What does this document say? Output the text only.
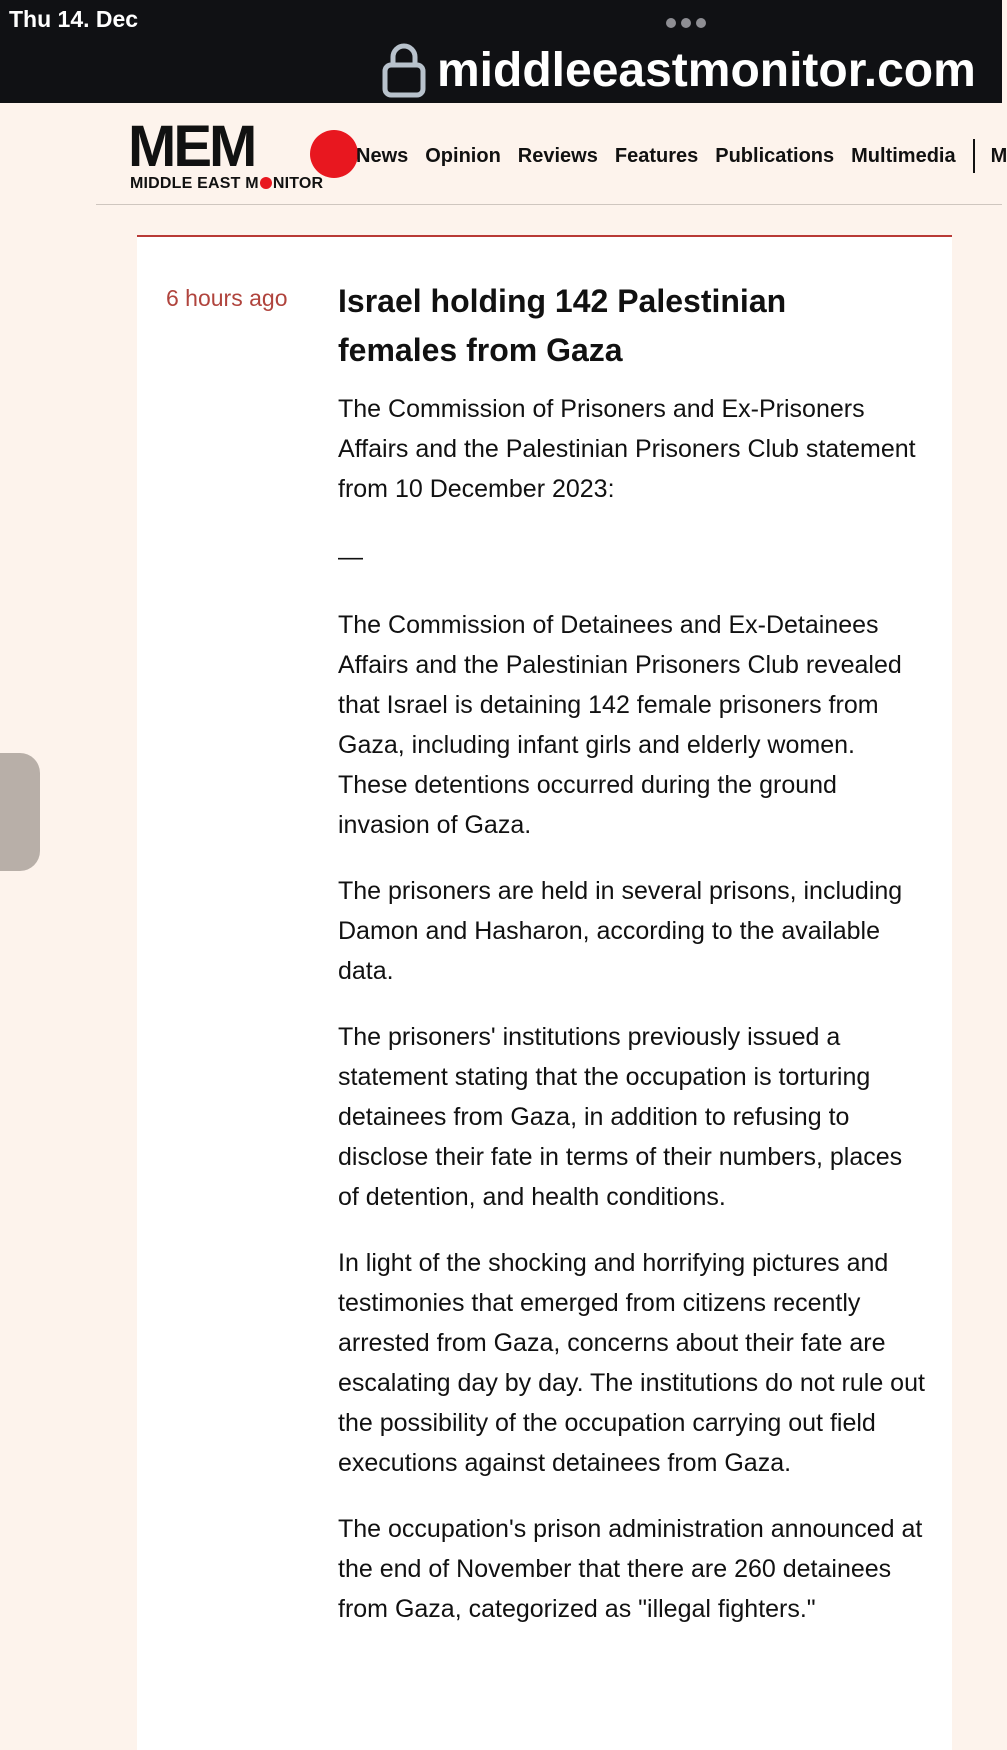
Thu 14. Dec
middleeastmonitor.com
MEM
MIDDLE EAST M NITOR
News Opinion Reviews Features Publications Multimedia M
6 hours ago Israel holding 142 Palestinian females from Gaza

The Commission of Prisoners and Ex-Prisoners Affairs and the Palestinian Prisoners Club statement from 10 December 2023:

—

The Commission of Detainees and Ex-Detainees Affairs and the Palestinian Prisoners Club revealed that Israel is detaining 142 female prisoners from Gaza, including infant girls and elderly women. These detentions occurred during the ground invasion of Gaza.

The prisoners are held in several prisons, including Damon and Hasharon, according to the available data.

The prisoners' institutions previously issued a statement stating that the occupation is torturing detainees from Gaza, in addition to refusing to disclose their fate in terms of their numbers, places of detention, and health conditions.

In light of the shocking and horrifying pictures and testimonies that emerged from citizens recently arrested from Gaza, concerns about their fate are escalating day by day. The institutions do not rule out the possibility of the occupation carrying out field executions against detainees from Gaza.

The occupation's prison administration announced at the end of November that there are 260 detainees from Gaza, categorized as "illegal fighters."
